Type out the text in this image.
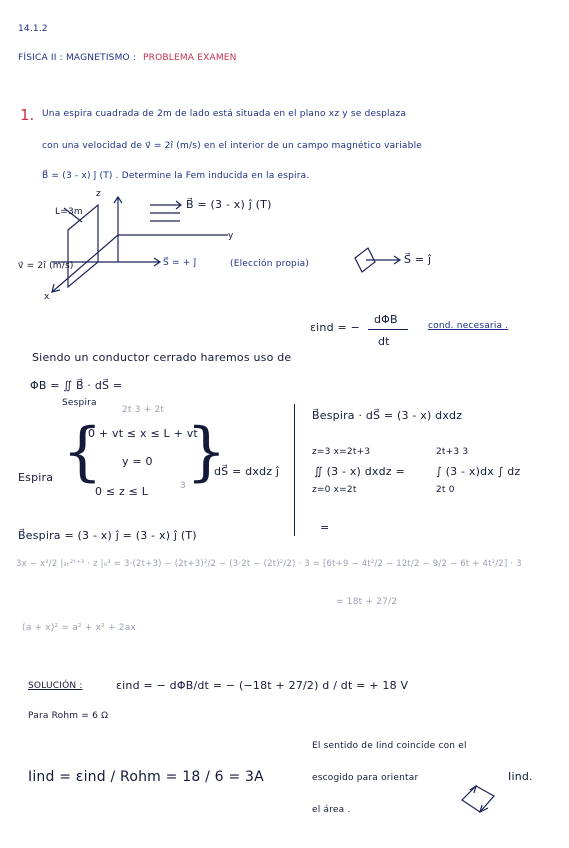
14.1.2
FÍSICA II : MAGNETISMO : PROBLEMA EXAMEN
1. Una espira cuadrada de 2m de lado está situada en el plano xz y se desplaza
con una velocidad de v⃗ = 2î (m/s) en el interior de un campo magnético variable
B⃗ = (3 - x) ĵ (T) . Determine la Fem inducida en la espira.
z
y
x
L=3m
v⃗ = 2î (m/s)
B⃗ = (3 - x) ĵ (T)
S⃗ = + ĵ	(Elección propia)	S⃗ = ĵ
εind = −
dΦB
dt
cond. necesaria .
Siendo un conductor cerrado haremos uso de
ΦB = ∬ B⃗ · dS⃗ =
Sespira
Espira {
2t 3 + 2t
0 + vt ≤ x ≤ L + vt
y = 0
0 ≤ z ≤ L	3 }
dS⃗ = dxdz ĵ
B⃗espira · dS⃗ = (3 - x) dxdz
z=3 x=2t+3
∬ (3 - x) dxdz =
z=0 x=2t
2t+3 3
∫ (3 - x)dx ∫ dz
2t 0
=
B⃗espira = (3 - x) ĵ = (3 - x) ĵ (T)
3x − x²/2 |₂ₜ²ᵗ⁺³ · z |₀³ = 3·(2t+3) − (2t+3)²/2 − (3·2t − (2t)²/2) · 3 = [6t+9 − 4t²/2 − 12t/2 − 9/2 − 6t + 4t²/2] · 3
= 18t + 27/2
(a + x)² = a² + x² + 2ax
SOLUCIÓN :	εind = − dΦB/dt = − (−18t + 27/2) d / dt = + 18 V
Para Rohm = 6 Ω
Iind = εind / Rohm = 18 / 6 = 3A
El sentido de Iind coincide con el
escogido para orientar	Iind.
el área .
